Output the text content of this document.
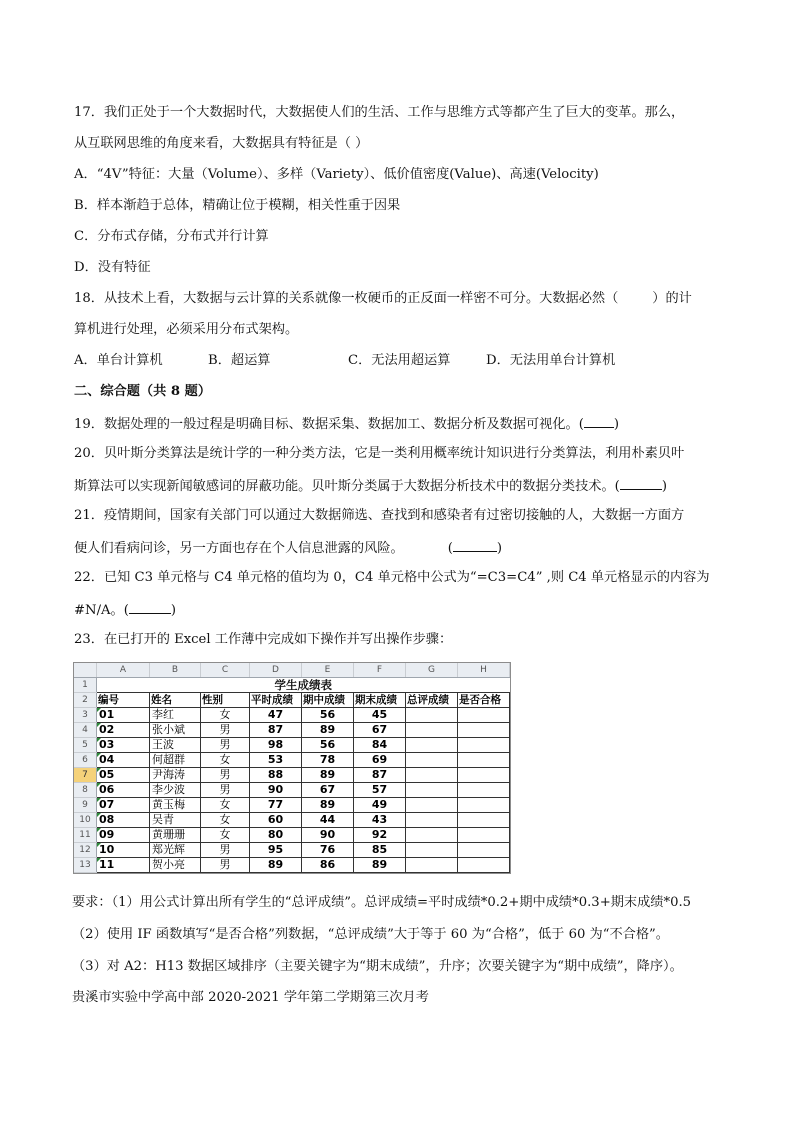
17．我们正处于一个大数据时代，大数据使人们的生活、工作与思维方式等都产生了巨大的变革。那么，
从互联网思维的角度来看，大数据具有特征是（ ）
A．“4V”特征：大量（Volume）、多样（Variety）、低价值密度(Value)、高速(Velocity)
B．样本渐趋于总体，精确让位于模糊，相关性重于因果
C．分布式存储，分布式并行计算
D．没有特征
18．从技术上看，大数据与云计算的关系就像一枚硬币的正反面一样密不可分。大数据必然（	）的计
算机进行处理，必须采用分布式架构。
A．单台计算机	B．超运算	C．无法用超运算	D．无法用单台计算机
二、综合题（共 8 题）
19．数据处理的一般过程是明确目标、数据采集、数据加工、数据分析及数据可视化。( )
20．贝叶斯分类算法是统计学的一种分类方法，它是一类利用概率统计知识进行分类算法，利用朴素贝叶
斯算法可以实现新闻敏感词的屏蔽功能。贝叶斯分类属于大数据分析技术中的数据分类技术。(	)
21．疫情期间，国家有关部门可以通过大数据筛选、查找到和感染者有过密切接触的人，大数据一方面方
便人们看病问诊，另一方面也存在个人信息泄露的风险。	(	)
22．已知 C3 单元格与 C4 单元格的值均为 0，C4 单元格中公式为“=C3=C4” ,则 C4 单元格显示的内容为
#N/A。(	)
23．在已打开的 Excel 工作薄中完成如下操作并写出操作步骤：
	A	B	C	D	E	F	G	H
1	学生成绩表							
2	编号	姓名	性别	平时成绩	期中成绩	期末成绩	总评成绩	是否合格
3	01	李红	女	47	56	45		
4	02	张小斌	男	87	89	67		
5	03	王波	男	98	56	84		
6	04	何超群	女	53	78	69		
7	05	尹海涛	男	88	89	87		
8	06	李少波	男	90	67	57		
9	07	黄玉梅	女	77	89	49		
10	08	吴青	女	60	44	43		
11	09	黄珊珊	女	80	90	92		
12	10	郑光辉	男	95	76	85		
13	11	贺小亮	男	89	86	89		
要求：（1）用公式计算出所有学生的“总评成绩”。总评成绩=平时成绩*0.2+期中成绩*0.3+期末成绩*0.5
（2）使用 IF 函数填写“是否合格”列数据，“总评成绩”大于等于 60 为“合格”，低于 60 为“不合格”。
（3）对 A2：H13 数据区域排序（主要关键字为“期末成绩”，升序；次要关键字为“期中成绩”，降序）。
贵溪市实验中学高中部 2020-2021 学年第二学期第三次月考
